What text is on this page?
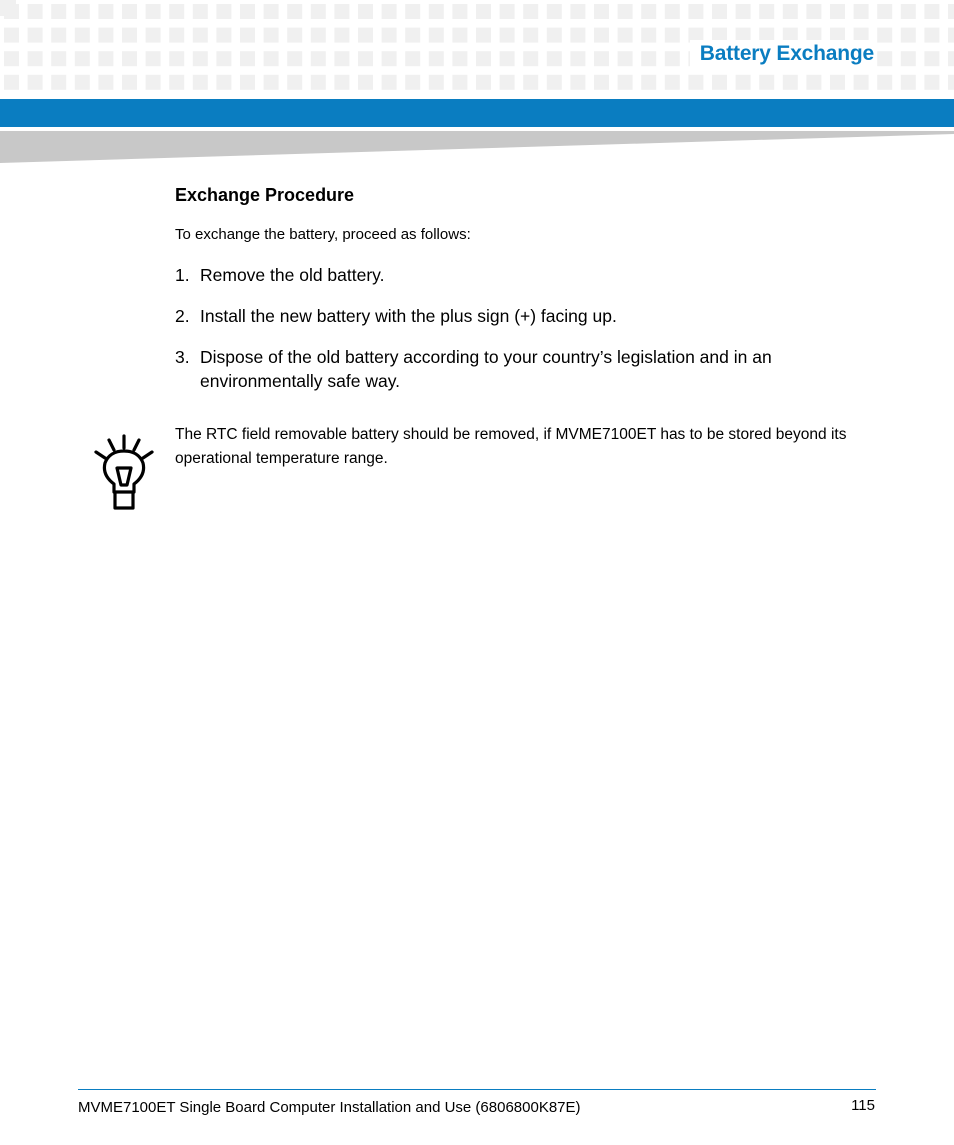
Battery Exchange
Exchange Procedure

To exchange the battery, proceed as follows:

1. Remove the old battery.
2. Install the new battery with the plus sign (+) facing up.
3. Dispose of the old battery according to your country’s legislation and in an environmentally safe way.

The RTC field removable battery should be removed, if MVME7100ET has to be stored beyond its operational temperature range.

MVME7100ET Single Board Computer Installation and Use (6806800K87E)	115
